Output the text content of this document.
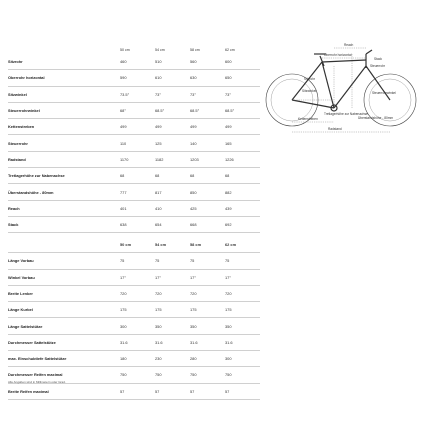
50 cm	54 cm	58 cm	62 cm
Sitzrohr	460	510	560	600
Oberrohr horizontal	590	610	630	650
Sitzwinkel	73.5°	73°	73°	73°
Steuerrohrwinkel	68°	68.5°	68.5°	68.5°
Kettenstreben	499	499	499	499
Steuerrohr	110	125	140	165
Radstand	1170	1182	1203	1226
Tretlagerhöhe zur Nabenachse	68	68	68	68
Überstandshöhe - 80mm	777	817	850	882
Reach	401	410	425	439
Stack	638	654	668	692
50 cm	54 cm	58 cm	62 cm
Länge Vorbau	75	75	75	75
Winkel Vorbau	17°	17°	17°	17°
Breite Lenker	720	720	720	720
Länge Kurbel	175	175	175	175
Länge Sattelstütze	300	350	350	350
Durchmesser Sattelstütze	31.6	31.6	31.6	31.6
max. Einschubtiefe Sattelstütze	180	230	280	300
Durchmesser Reifen maximal	750	750	750	750
Breite Reifen maximal	57	57	57	57
Alle Angaben sind in Millimetern oder Grad.
Reach
Oberrohr horizontal
Stack
Steuerrohr
Sitzrohr
Sitzwinkel	Steuerrohrwinkel
Kettenstreben
Tretlagerhöhe zur Nabenachse
Radstand
Überstandshöhe - 80mm
